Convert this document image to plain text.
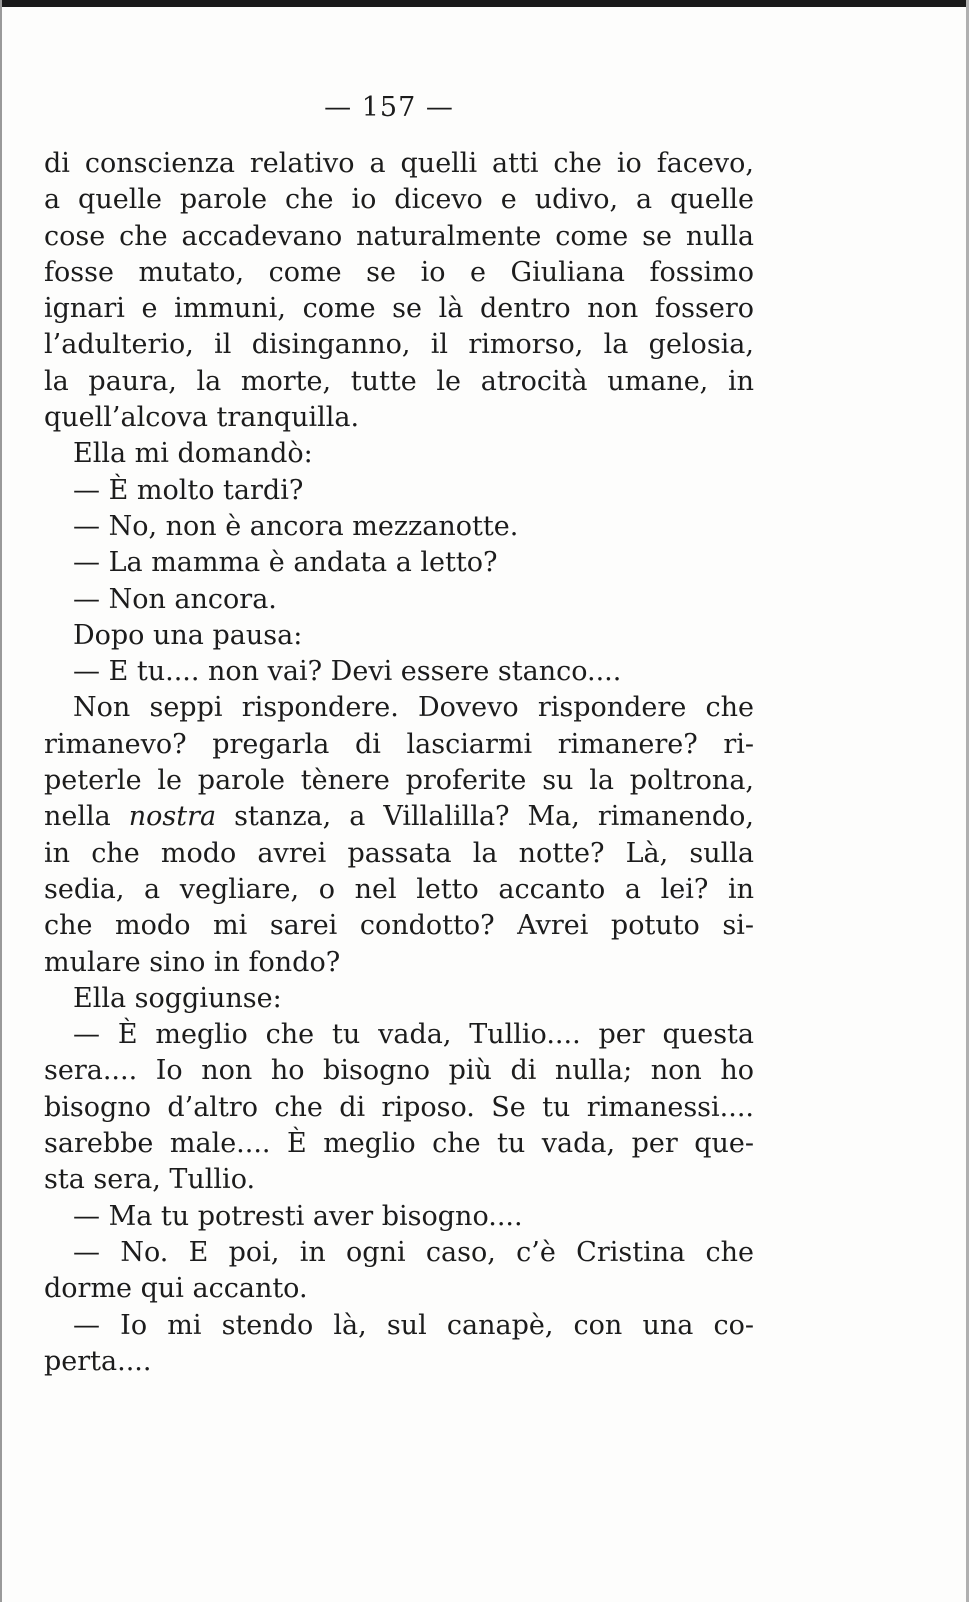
— 157 —
di conscienza relativo a quelli atti che io facevo,
a quelle parole che io dicevo e udivo, a quelle
cose che accadevano naturalmente come se nulla
fosse mutato, come se io e Giuliana fossimo
ignari e immuni, come se là dentro non fossero
l’adulterio, il disinganno, il rimorso, la gelosia,
la paura, la morte, tutte le atrocità umane, in
quell’alcova tranquilla.
Ella mi domandò:
— È molto tardi?
— No, non è ancora mezzanotte.
— La mamma è andata a letto?
— Non ancora.
Dopo una pausa:
— E tu.... non vai? Devi essere stanco....
Non seppi rispondere. Dovevo rispondere che
rimanevo? pregarla di lasciarmi rimanere? ri-
peterle le parole tènere proferite su la poltrona,
nella nostra stanza, a Villalilla? Ma, rimanendo,
in che modo avrei passata la notte? Là, sulla
sedia, a vegliare, o nel letto accanto a lei? in
che modo mi sarei condotto? Avrei potuto si-
mulare sino in fondo?
Ella soggiunse:
— È meglio che tu vada, Tullio.... per questa
sera.... Io non ho bisogno più di nulla; non ho
bisogno d’altro che di riposo. Se tu rimanessi....
sarebbe male.... È meglio che tu vada, per que-
sta sera, Tullio.
— Ma tu potresti aver bisogno....
— No. E poi, in ogni caso, c’è Cristina che
dorme qui accanto.
— Io mi stendo là, sul canapè, con una co-
perta....
